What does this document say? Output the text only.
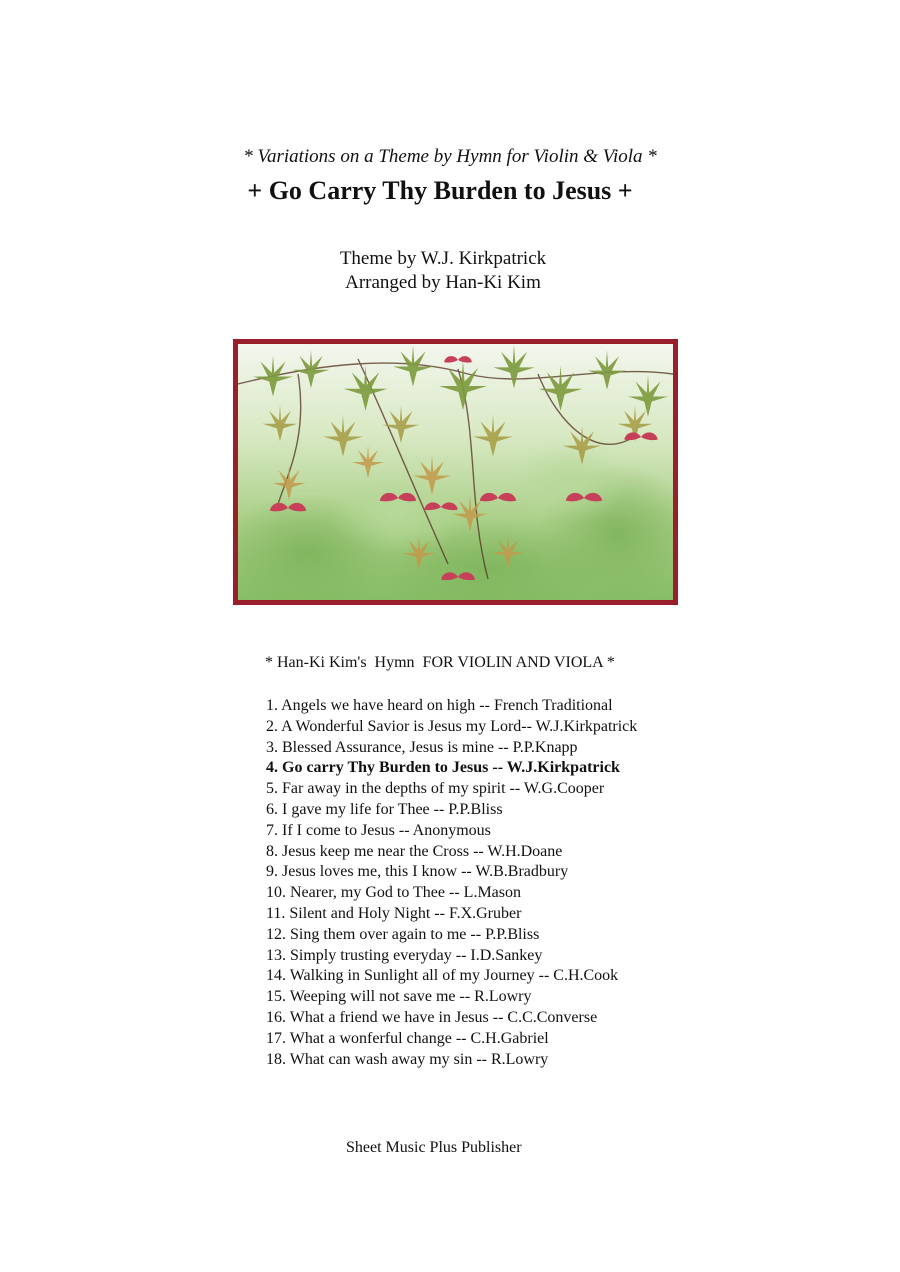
* Variations on a Theme by Hymn for Violin & Viola *
+ Go Carry Thy Burden to Jesus +
Theme by W.J. Kirkpatrick
Arranged by Han-Ki Kim
* Han-Ki Kim's  Hymn  FOR VIOLIN AND VIOLA *
1. Angels we have heard on high -- French Traditional
2. A Wonderful Savior is Jesus my Lord-- W.J.Kirkpatrick
3. Blessed Assurance, Jesus is mine -- P.P.Knapp
4. Go carry Thy Burden to Jesus -- W.J.Kirkpatrick
5. Far away in the depths of my spirit -- W.G.Cooper
6. I gave my life for Thee -- P.P.Bliss
7. If I come to Jesus -- Anonymous
8. Jesus keep me near the Cross -- W.H.Doane
9. Jesus loves me, this I know -- W.B.Bradbury
10. Nearer, my God to Thee -- L.Mason
11. Silent and Holy Night -- F.X.Gruber
12. Sing them over again to me -- P.P.Bliss
13. Simply trusting everyday -- I.D.Sankey
14. Walking in Sunlight all of my Journey -- C.H.Cook
15. Weeping will not save me -- R.Lowry
16. What a friend we have in Jesus -- C.C.Converse
17. What a wonferful change -- C.H.Gabriel
18. What can wash away my sin -- R.Lowry
Sheet Music Plus Publisher
